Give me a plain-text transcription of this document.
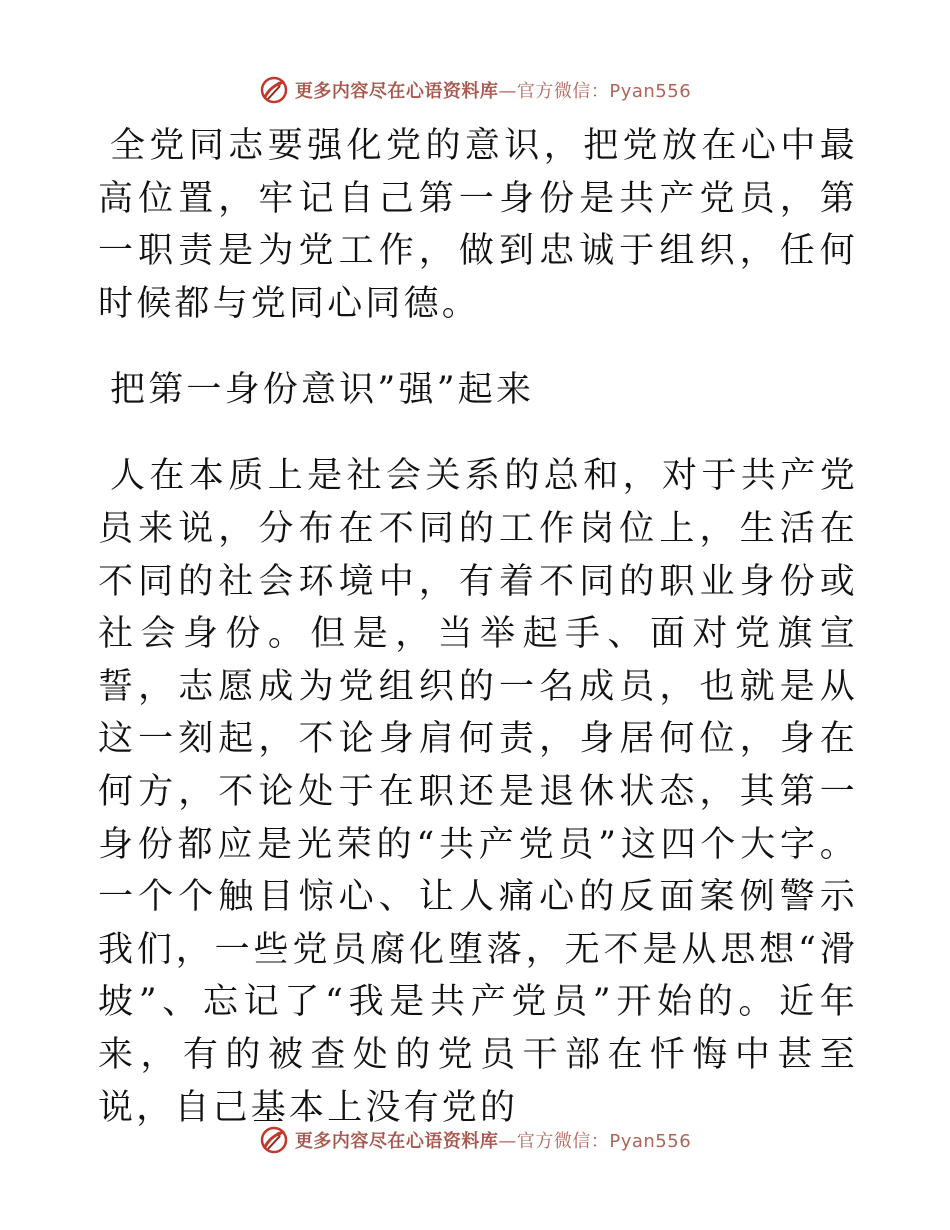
更多内容尽在心语资料库—官方微信：Pyan556

全党同志要强化党的意识，把党放在心中最高位置，牢记自己第一身份是共产党员，第一职责是为党工作，做到忠诚于组织，任何时候都与党同心同德。

把第一身份意识”强”起来

人在本质上是社会关系的总和，对于共产党员来说，分布在不同的工作岗位上，生活在不同的社会环境中，有着不同的职业身份或社会身份。但是，当举起手、面对党旗宣誓，志愿成为党组织的一名成员，也就是从这一刻起，不论身肩何责，身居何位，身在何方，不论处于在职还是退休状态，其第一身份都应是光荣的“共产党员”这四个大字。一个个触目惊心、让人痛心的反面案例警示我们，一些党员腐化堕落，无不是从思想“滑坡”、忘记了“我是共产党员”开始的。近年来，有的被查处的党员干部在忏悔中甚至说，自己基本上没有党的

更多内容尽在心语资料库—官方微信：Pyan556
